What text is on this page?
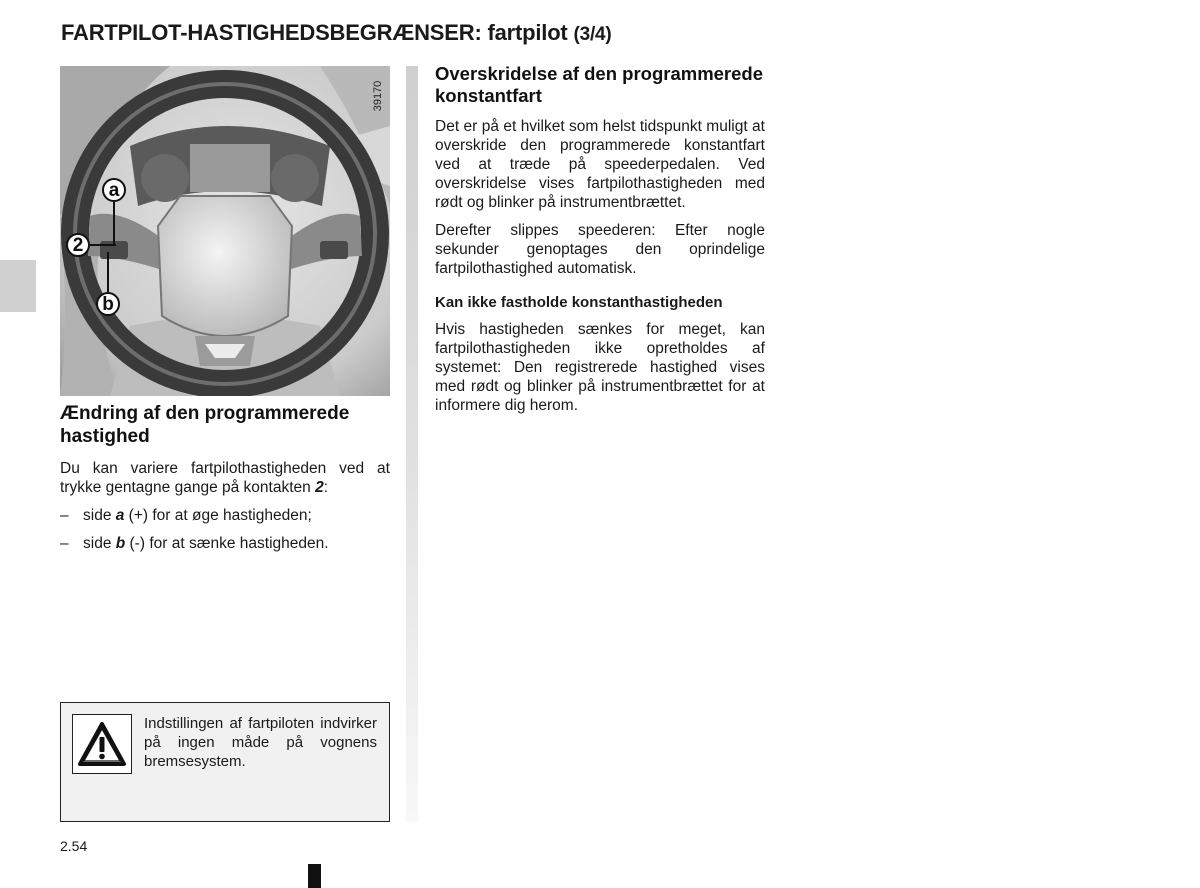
FARTPILOT-HASTIGHEDSBEGRÆNSER: fartpilot (3/4)
39170
a
2
b
Ændring af den programmerede hastighed

Du kan variere fartpilothastigheden ved at trykke gentagne gange på kontakten 2:

– side a (+) for at øge hastigheden;
– side b (-) for at sænke hastigheden.
Indstillingen af fartpiloten indvirker på ingen måde på vognens bremsesystem.
Overskridelse af den programmerede konstantfart

Det er på et hvilket som helst tidspunkt muligt at overskride den programmerede konstantfart ved at træde på speederpedalen. Ved overskridelse vises fartpilothastigheden med rødt og blinker på instrumentbrættet.

Derefter slippes speederen: Efter nogle sekunder genoptages den oprindelige fartpilothastighed automatisk.

Kan ikke fastholde konstanthastigheden

Hvis hastigheden sænkes for meget, kan fartpilothastigheden ikke opretholdes af systemet: Den registrerede hastighed vises med rødt og blinker på instrumentbrættet for at informere dig herom.

2.54
